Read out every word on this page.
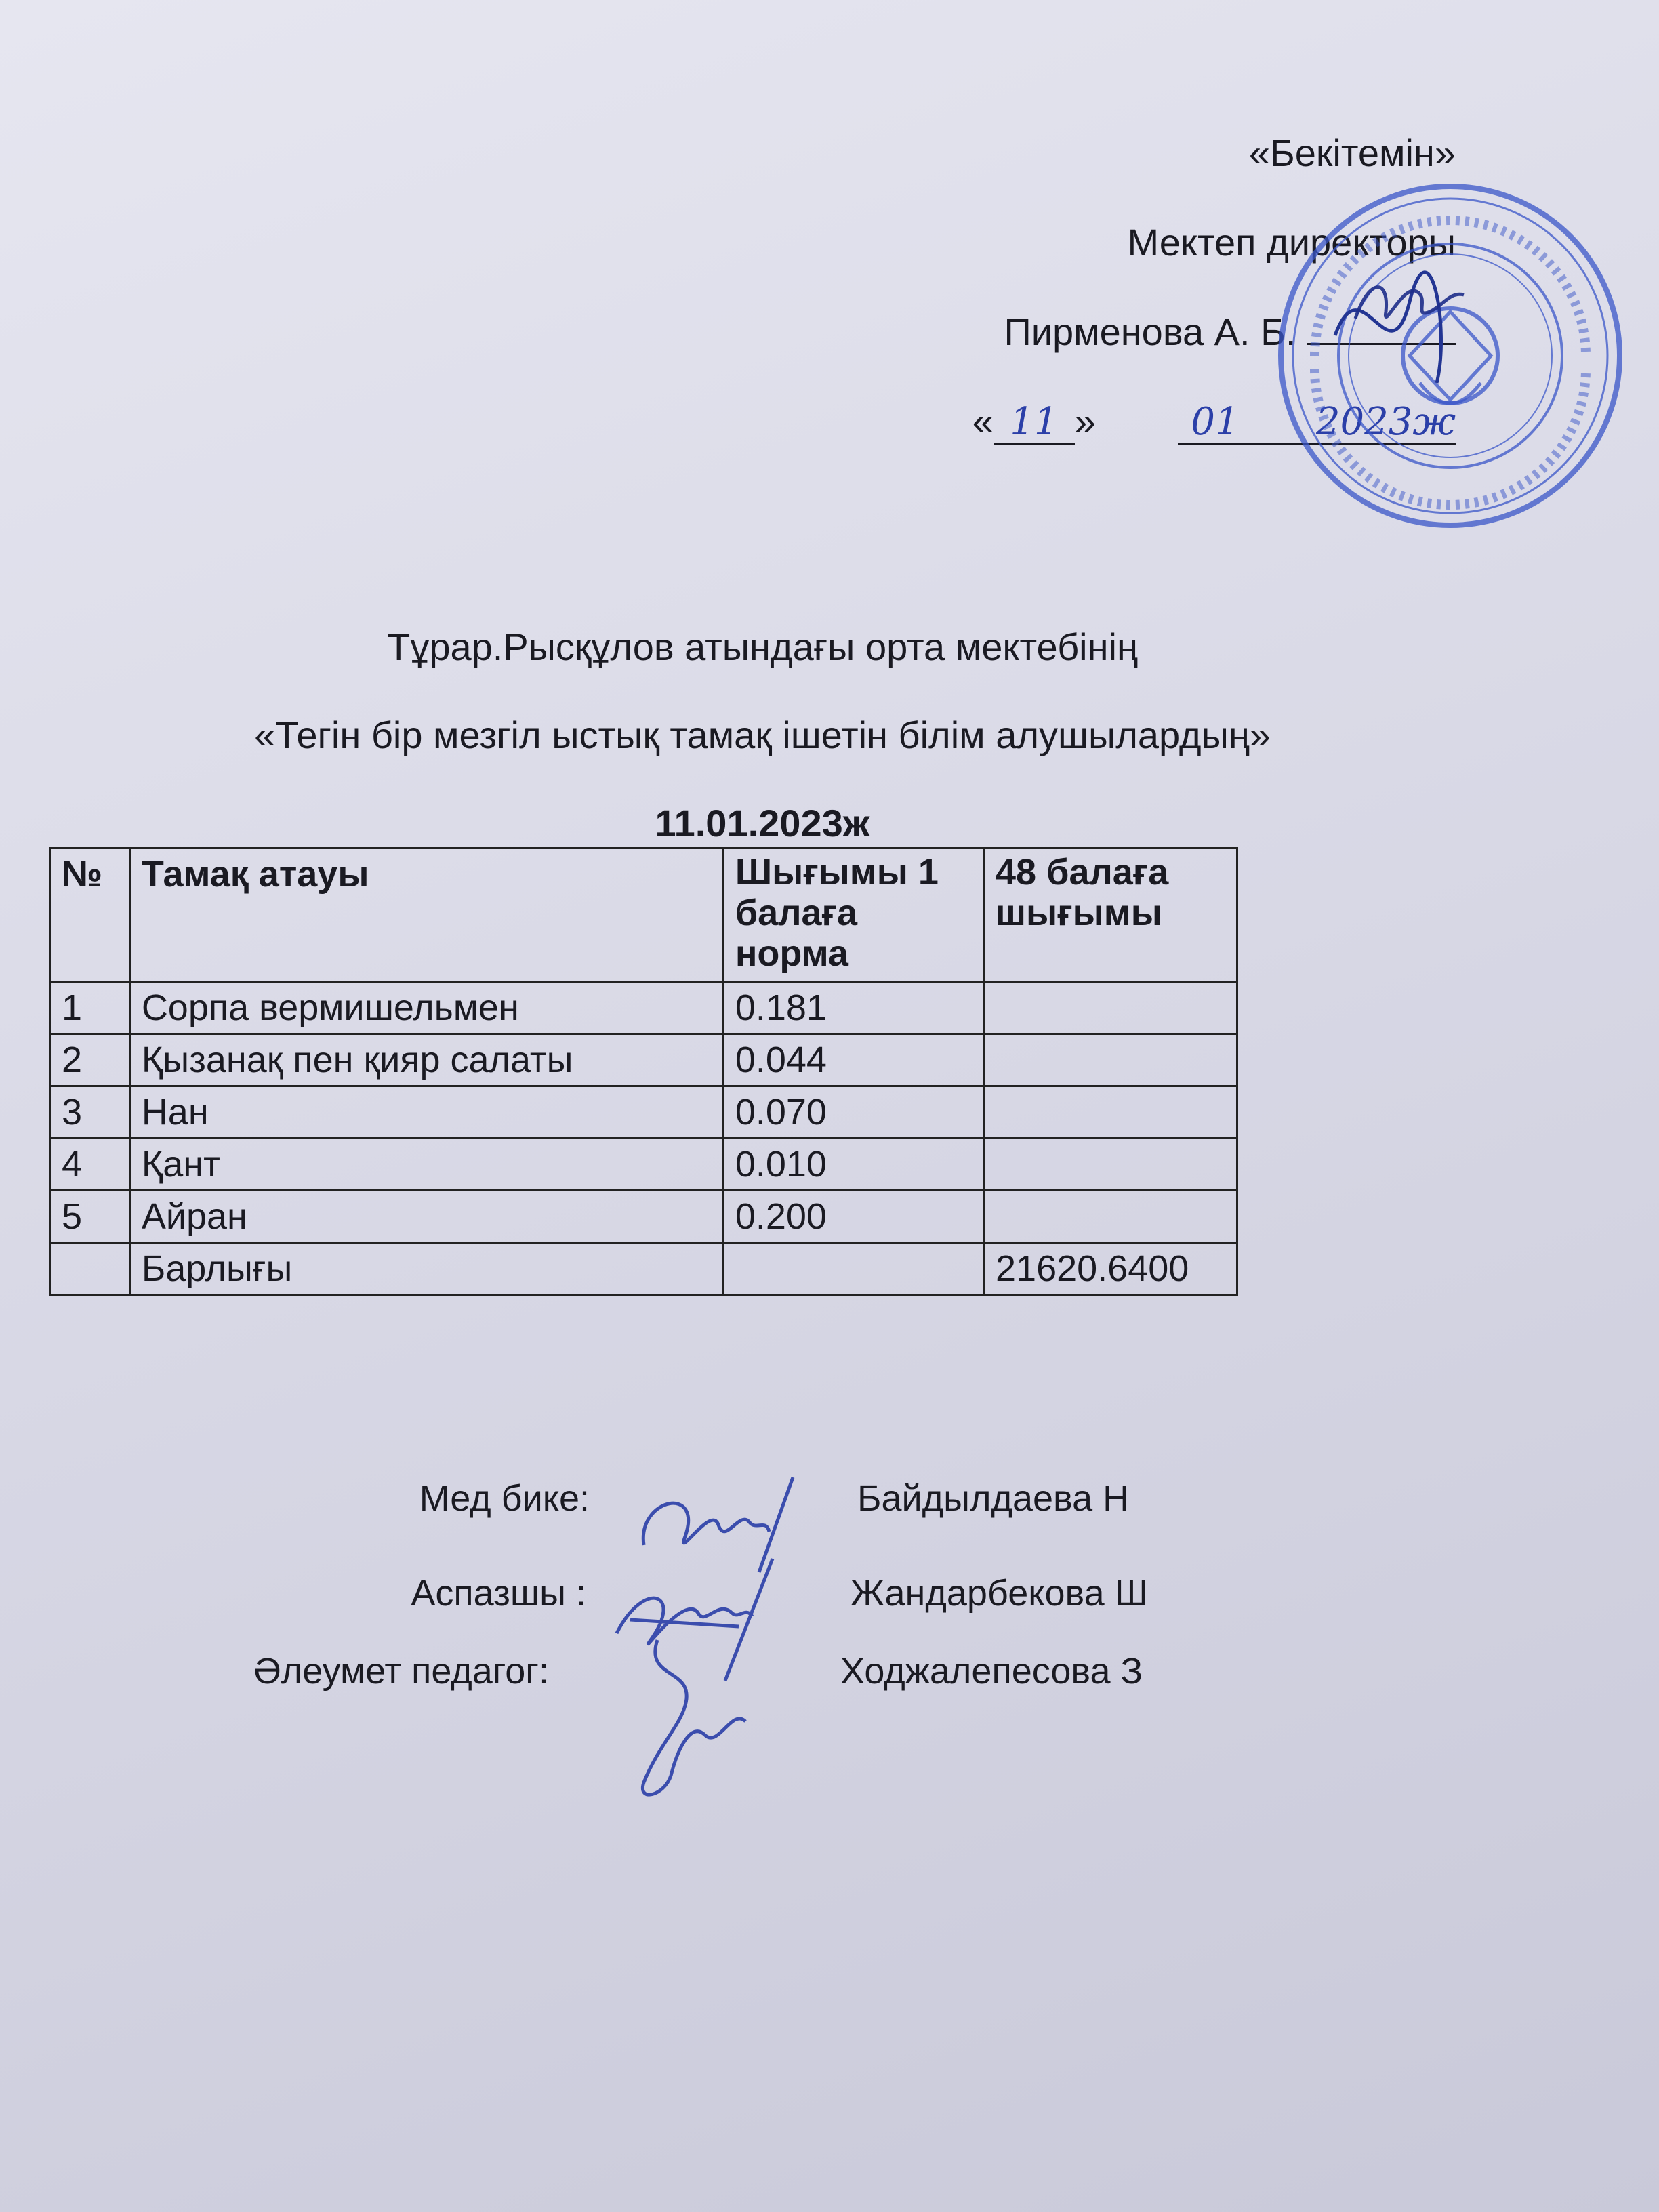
«Бекітемін»
Мектеп директоры
Пирменова А. Б.
« 11 »	01 2023ж
Тұрар.Рысқұлов атындағы орта мектебінің
«Тегін бір мезгіл ыстық тамақ ішетін білім алушылардың»
11.01.2023ж
№	Тамақ атауы	Шығымы 1 балаға норма	48 балаға шығымы
1	Сорпа вермишельмен	0.181	
2	Қызанақ пен қияр салаты	0.044	
3	Нан	0.070	
4	Қант	0.010	
5	Айран	0.200	
	Барлығы		21620.6400
Мед бике:	Байдылдаева Н
Аспазшы :	Жандарбекова Ш
Әлеумет педагог:	Ходжалепесова З
